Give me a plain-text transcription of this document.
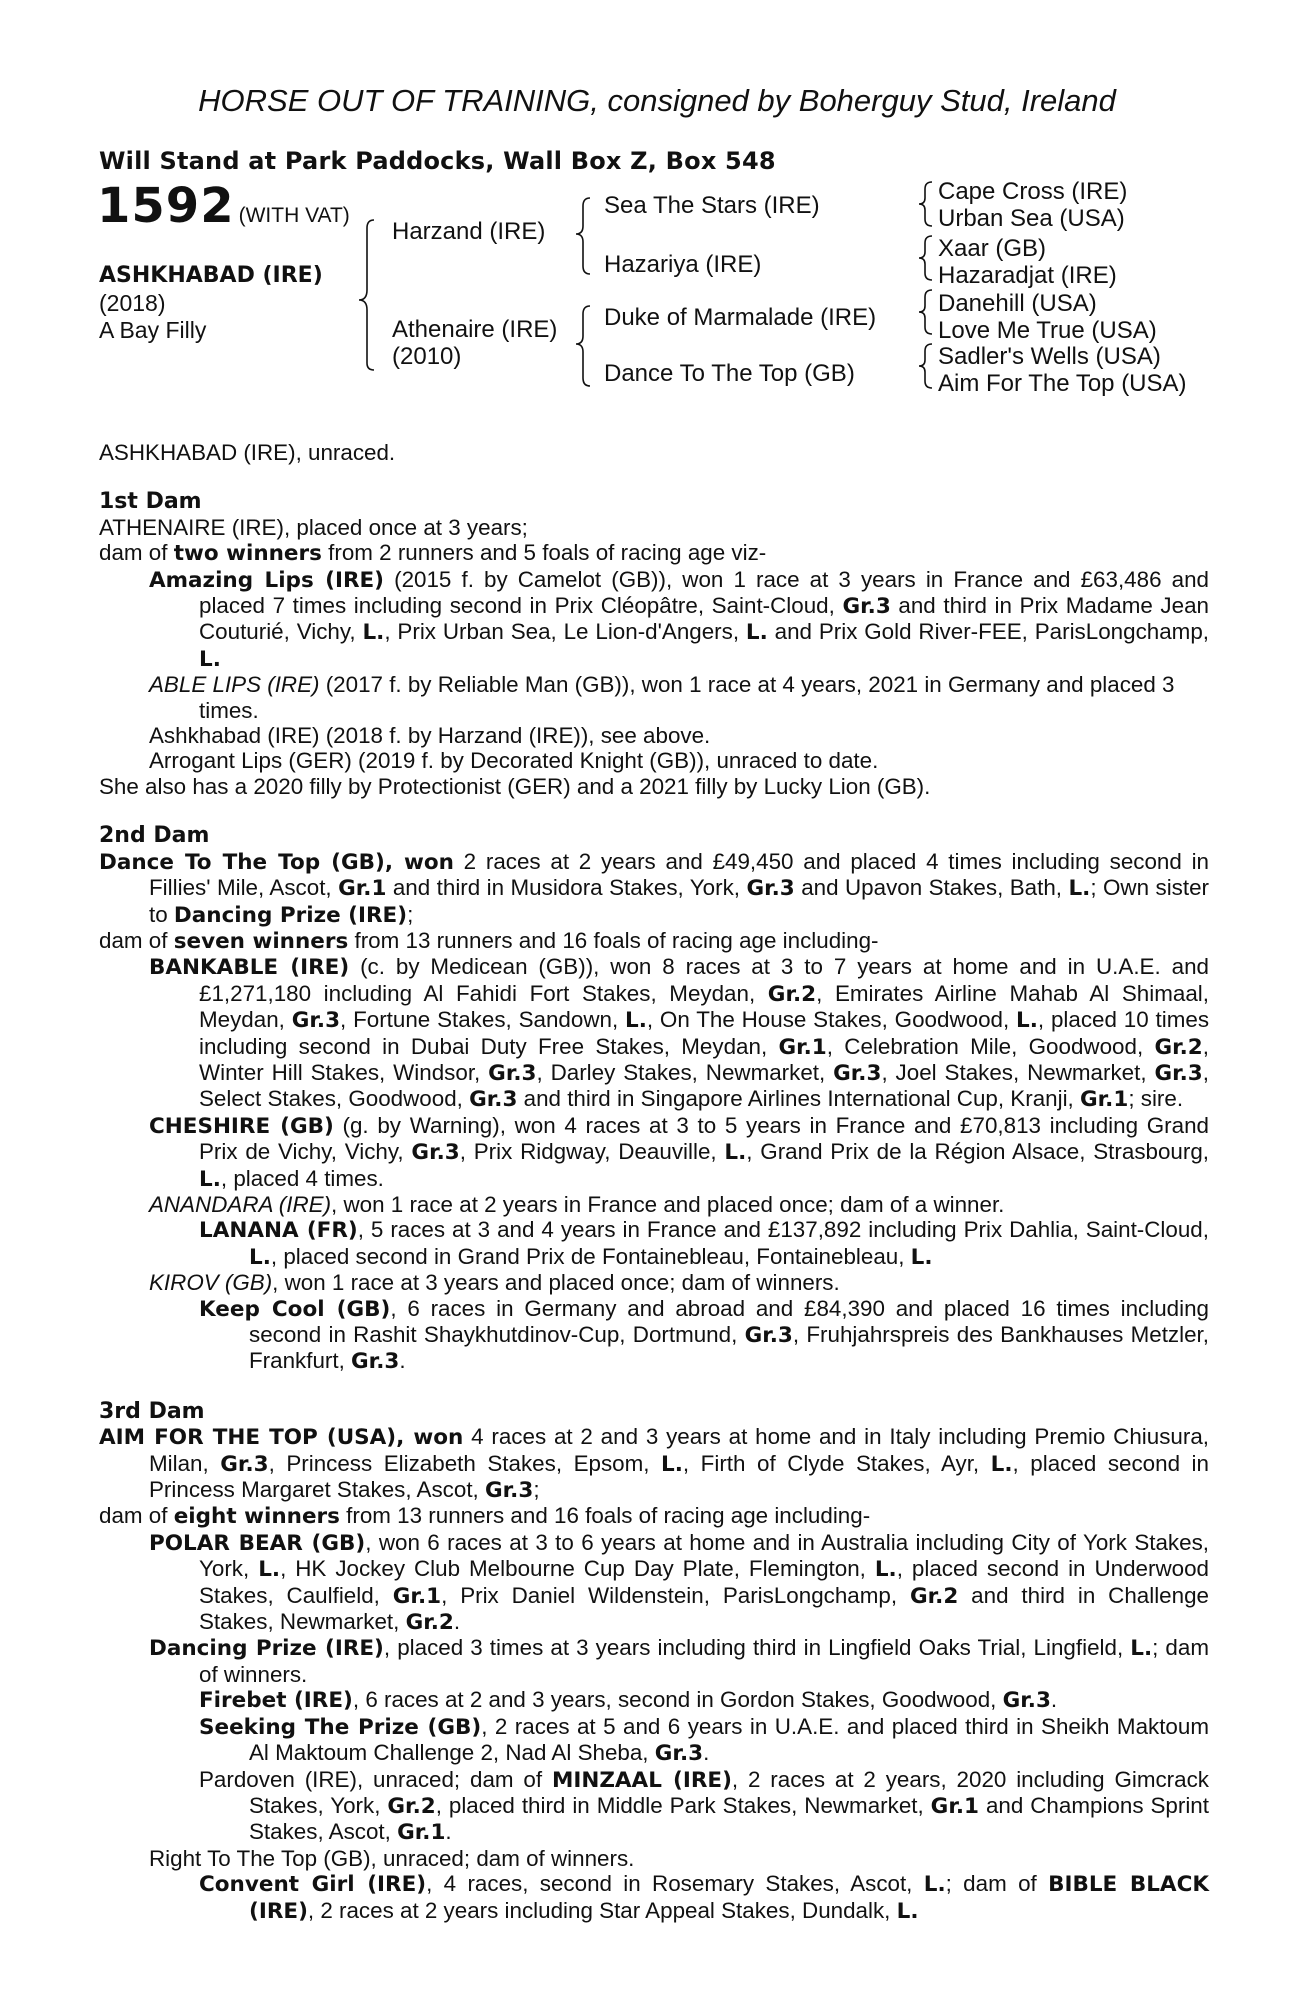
HORSE OUT OF TRAINING, consigned by Boherguy Stud, Ireland
Will Stand at Park Paddocks, Wall Box Z, Box 548
1592 (WITH VAT)
ASHKHABAD (IRE)
(2018)
A Bay Filly
Harzand (IRE)
Athenaire (IRE)
(2010)
Sea The Stars (IRE)
Hazariya (IRE)
Duke of Marmalade (IRE)
Dance To The Top (GB)
Cape Cross (IRE)
Urban Sea (USA)
Xaar (GB)
Hazaradjat (IRE)
Danehill (USA)
Love Me True (USA)
Sadler's Wells (USA)
Aim For The Top (USA)

ASHKHABAD (IRE), unraced.

1st Dam

ATHENAIRE (IRE), placed once at 3 years;

dam of two winners from 2 runners and 5 foals of racing age viz-

Amazing Lips (IRE) (2015 f. by Camelot (GB)), won 1 race at 3 years in France and £63,486 and placed 7 times including second in Prix Cléopâtre, Saint-Cloud, Gr.3 and third in Prix Madame Jean Couturié, Vichy, L., Prix Urban Sea, Le Lion-d'Angers, L. and Prix Gold River-FEE, ParisLongchamp, L.

ABLE LIPS (IRE) (2017 f. by Reliable Man (GB)), won 1 race at 4 years, 2021 in Germany and placed 3 times.

Ashkhabad (IRE) (2018 f. by Harzand (IRE)), see above.

Arrogant Lips (GER) (2019 f. by Decorated Knight (GB)), unraced to date.

She also has a 2020 filly by Protectionist (GER) and a 2021 filly by Lucky Lion (GB).

2nd Dam

Dance To The Top (GB), won 2 races at 2 years and £49,450 and placed 4 times including second in Fillies' Mile, Ascot, Gr.1 and third in Musidora Stakes, York, Gr.3 and Upavon Stakes, Bath, L.; Own sister to Dancing Prize (IRE);

dam of seven winners from 13 runners and 16 foals of racing age including-

BANKABLE (IRE) (c. by Medicean (GB)), won 8 races at 3 to 7 years at home and in U.A.E. and £1,271,180 including Al Fahidi Fort Stakes, Meydan, Gr.2, Emirates Airline Mahab Al Shimaal, Meydan, Gr.3, Fortune Stakes, Sandown, L., On The House Stakes, Goodwood, L., placed 10 times including second in Dubai Duty Free Stakes, Meydan, Gr.1, Celebration Mile, Goodwood, Gr.2, Winter Hill Stakes, Windsor, Gr.3, Darley Stakes, Newmarket, Gr.3, Joel Stakes, Newmarket, Gr.3, Select Stakes, Goodwood, Gr.3 and third in Singapore Airlines International Cup, Kranji, Gr.1; sire.

CHESHIRE (GB) (g. by Warning), won 4 races at 3 to 5 years in France and £70,813 including Grand Prix de Vichy, Vichy, Gr.3, Prix Ridgway, Deauville, L., Grand Prix de la Région Alsace, Strasbourg, L., placed 4 times.

ANANDARA (IRE), won 1 race at 2 years in France and placed once; dam of a winner.

LANANA (FR), 5 races at 3 and 4 years in France and £137,892 including Prix Dahlia, Saint-Cloud, L., placed second in Grand Prix de Fontainebleau, Fontainebleau, L.

KIROV (GB), won 1 race at 3 years and placed once; dam of winners.

Keep Cool (GB), 6 races in Germany and abroad and £84,390 and placed 16 times including second in Rashit Shaykhutdinov-Cup, Dortmund, Gr.3, Fruhjahrspreis des Bankhauses Metzler, Frankfurt, Gr.3.

3rd Dam

AIM FOR THE TOP (USA), won 4 races at 2 and 3 years at home and in Italy including Premio Chiusura, Milan, Gr.3, Princess Elizabeth Stakes, Epsom, L., Firth of Clyde Stakes, Ayr, L., placed second in Princess Margaret Stakes, Ascot, Gr.3;

dam of eight winners from 13 runners and 16 foals of racing age including-

POLAR BEAR (GB), won 6 races at 3 to 6 years at home and in Australia including City of York Stakes, York, L., HK Jockey Club Melbourne Cup Day Plate, Flemington, L., placed second in Underwood Stakes, Caulfield, Gr.1, Prix Daniel Wildenstein, ParisLongchamp, Gr.2 and third in Challenge Stakes, Newmarket, Gr.2.

Dancing Prize (IRE), placed 3 times at 3 years including third in Lingfield Oaks Trial, Lingfield, L.; dam of winners.

Firebet (IRE), 6 races at 2 and 3 years, second in Gordon Stakes, Goodwood, Gr.3.

Seeking The Prize (GB), 2 races at 5 and 6 years in U.A.E. and placed third in Sheikh Maktoum Al Maktoum Challenge 2, Nad Al Sheba, Gr.3.

Pardoven (IRE), unraced; dam of MINZAAL (IRE), 2 races at 2 years, 2020 including Gimcrack Stakes, York, Gr.2, placed third in Middle Park Stakes, Newmarket, Gr.1 and Champions Sprint Stakes, Ascot, Gr.1.

Right To The Top (GB), unraced; dam of winners.

Convent Girl (IRE), 4 races, second in Rosemary Stakes, Ascot, L.; dam of BIBLE BLACK (IRE), 2 races at 2 years including Star Appeal Stakes, Dundalk, L.
